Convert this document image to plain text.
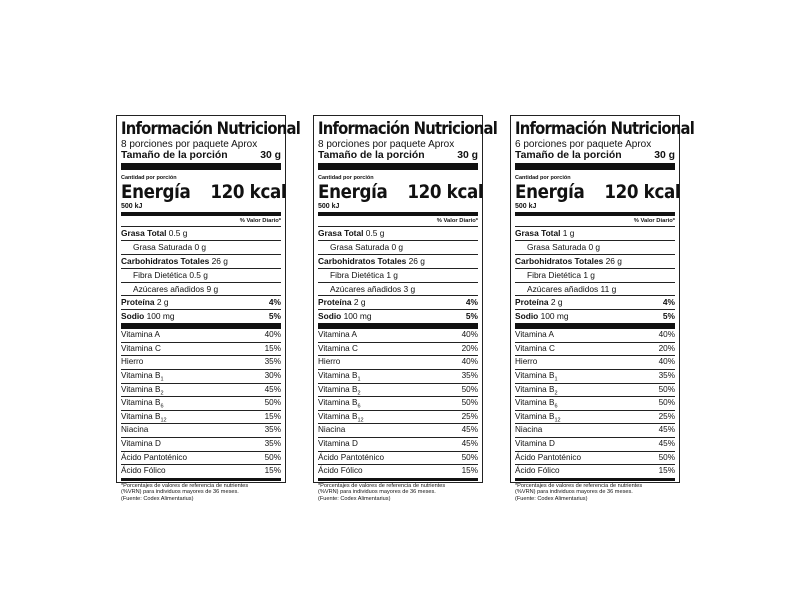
Información Nutricional
8 porciones por paquete Aprox
Tamaño de la porción	30 g
Cantidad por porción
Energía 120 kcal
500 kJ
% Valor Diario*
Grasa Total 0.5 g
Grasa Saturada 0 g
Carbohidratos Totales 26 g
Fibra Dietética 0.5 g
Azúcares añadidos 9 g
Proteína 2 g	4%
Sodio 100 mg	5%
Vitamina A	40%
Vitamina C	15%
Hierro	35%
Vitamina $B_1$	30%
Vitamina $B_2$	45%
Vitamina $B_6$	50%
Vitamina $B_{12}$	15%
Niacina	35%
Vitamina D	35%
Ácido Pantoténico	50%
Ácido Fólico	15%
*Porcentajes de valores de referencia de nutrientes
(%VRN) para individuos mayores de 36 meses.
(Fuente: Codex Alimentarius)
Información Nutricional
8 porciones por paquete Aprox
Tamaño de la porción	30 g
Cantidad por porción
Energía 120 kcal
500 kJ
% Valor Diario*
Grasa Total 0.5 g
Grasa Saturada 0 g
Carbohidratos Totales 26 g
Fibra Dietética 1 g
Azúcares añadidos 3 g
Proteína 2 g	4%
Sodio 100 mg	5%
Vitamina A	40%
Vitamina C	20%
Hierro	40%
Vitamina $B_1$	35%
Vitamina $B_2$	50%
Vitamina $B_6$	50%
Vitamina $B_{12}$	25%
Niacina	45%
Vitamina D	45%
Ácido Pantoténico	50%
Ácido Fólico	15%
*Porcentajes de valores de referencia de nutrientes
(%VRN) para individuos mayores de 36 meses.
(Fuente: Codex Alimentarius)
Información Nutricional
6 porciones por paquete Aprox
Tamaño de la porción	30 g
Cantidad por porción
Energía 120 kcal
500 kJ
% Valor Diario*
Grasa Total 1 g
Grasa Saturada 0 g
Carbohidratos Totales 26 g
Fibra Dietética 1 g
Azúcares añadidos 11 g
Proteína 2 g	4%
Sodio 100 mg	5%
Vitamina A	40%
Vitamina C	20%
Hierro	40%
Vitamina $B_1$	35%
Vitamina $B_2$	50%
Vitamina $B_6$	50%
Vitamina $B_{12}$	25%
Niacina	45%
Vitamina D	45%
Ácido Pantoténico	50%
Ácido Fólico	15%
*Porcentajes de valores de referencia de nutrientes
(%VRN) para individuos mayores de 36 meses.
(Fuente: Codex Alimentarius)
